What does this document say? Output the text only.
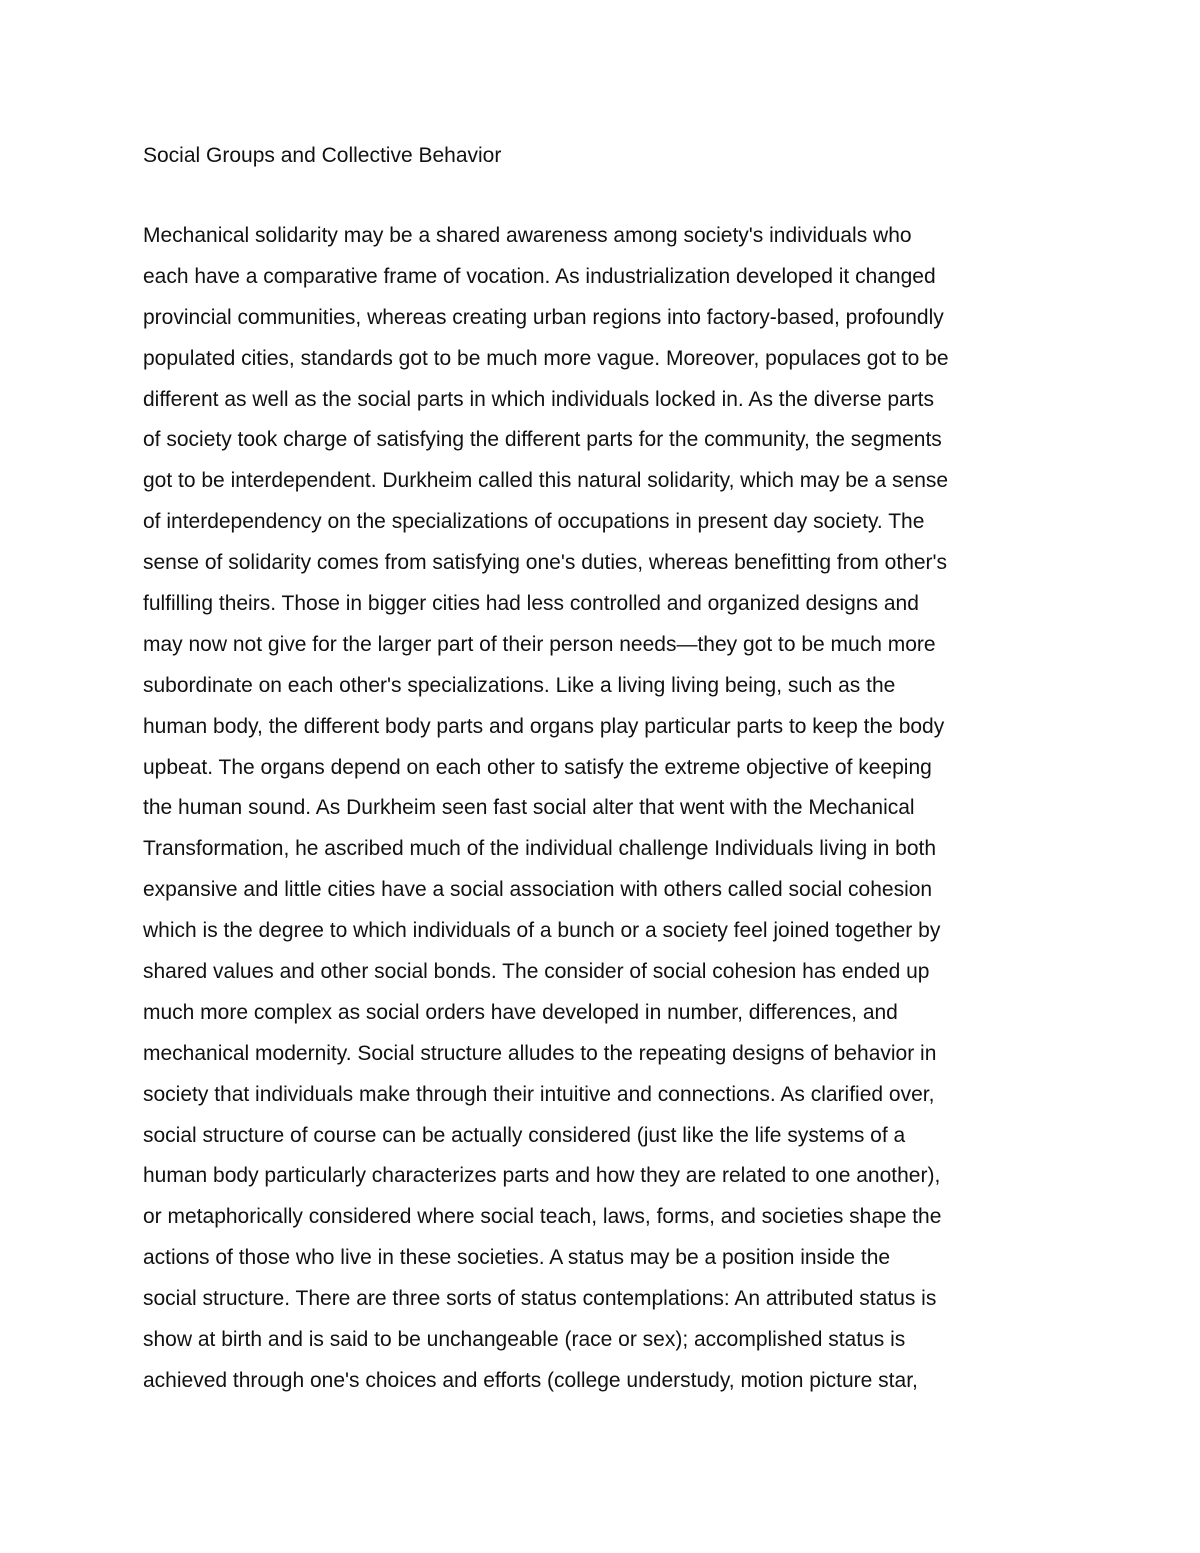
Social Groups and Collective Behavior
Mechanical solidarity may be a shared awareness among society's individuals who
each have a comparative frame of vocation. As industrialization developed it changed
provincial communities, whereas creating urban regions into factory-based, profoundly
populated cities, standards got to be much more vague. Moreover, populaces got to be
different as well as the social parts in which individuals locked in. As the diverse parts
of society took charge of satisfying the different parts for the community, the segments
got to be interdependent. Durkheim called this natural solidarity, which may be a sense
of interdependency on the specializations of occupations in present day society. The
sense of solidarity comes from satisfying one's duties, whereas benefitting from other's
fulfilling theirs. Those in bigger cities had less controlled and organized designs and
may now not give for the larger part of their person needs—they got to be much more
subordinate on each other's specializations. Like a living living being, such as the
human body, the different body parts and organs play particular parts to keep the body
upbeat. The organs depend on each other to satisfy the extreme objective of keeping
the human sound. As Durkheim seen fast social alter that went with the Mechanical
Transformation, he ascribed much of the individual challenge Individuals living in both
expansive and little cities have a social association with others called social cohesion
which is the degree to which individuals of a bunch or a society feel joined together by
shared values and other social bonds. The consider of social cohesion has ended up
much more complex as social orders have developed in number, differences, and
mechanical modernity. Social structure alludes to the repeating designs of behavior in
society that individuals make through their intuitive and connections. As clarified over,
social structure of course can be actually considered (just like the life systems of a
human body particularly characterizes parts and how they are related to one another),
or metaphorically considered where social teach, laws, forms, and societies shape the
actions of those who live in these societies. A status may be a position inside the
social structure. There are three sorts of status contemplations: An attributed status is
show at birth and is said to be unchangeable (race or sex); accomplished status is
achieved through one's choices and efforts (college understudy, motion picture star,
